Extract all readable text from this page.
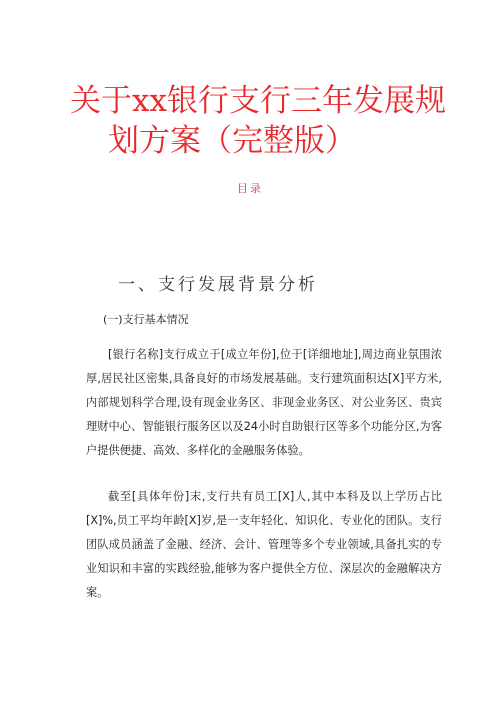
关于xx银行支行三年发展规
划方案（完整版）
目录
一、支行发展背景分析
(一)支行基本情况
[银行名称]支行成立于[成立年份],位于[详细地址],周边商业氛围浓厚,居民社区密集,具备良好的市场发展基础。支行建筑面积达[X]平方米,内部规划科学合理,设有现金业务区、非现金业务区、对公业务区、贵宾理财中心、智能银行服务区以及24小时自助银行区等多个功能分区,为客户提供便捷、高效、多样化的金融服务体验。
截至[具体年份]末,支行共有员工[X]人,其中本科及以上学历占比[X]%,员工平均年龄[X]岁,是一支年轻化、知识化、专业化的团队。支行团队成员涵盖了金融、经济、会计、管理等多个专业领域,具备扎实的专业知识和丰富的实践经验,能够为客户提供全方位、深层次的金融解决方案。
